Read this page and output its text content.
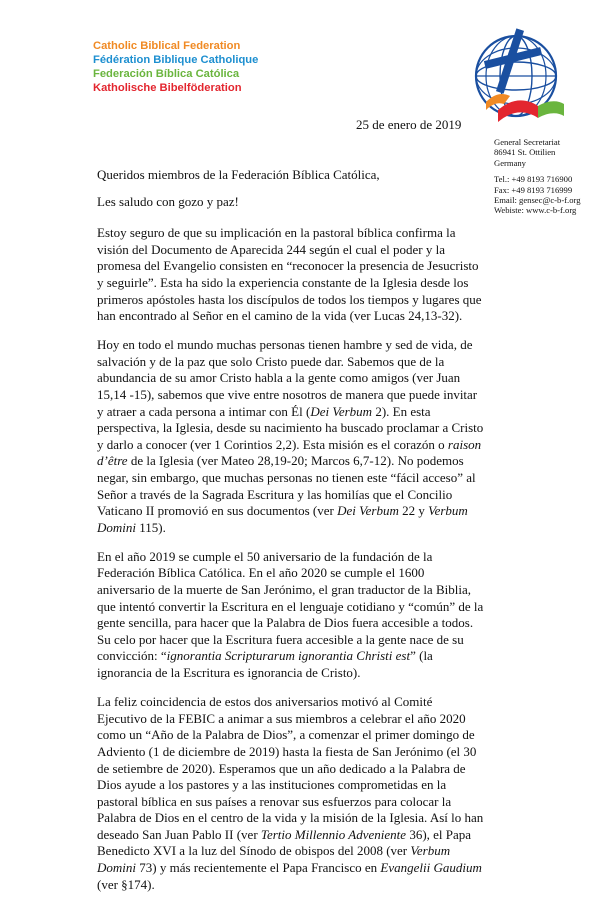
Catholic Biblical Federation
Fédération Biblique Catholique
Federación Bíblica Católica
Katholische Bibelföderation
25 de enero de 2019
General Secretariat
86941 St. Ottilien
Germany
Tel.: +49 8193 716900
Fax: +49 8193 716999
Email: gensec@c-b-f.org
Webiste: www.c-b-f.org

Queridos miembros de la Federación Bíblica Católica,

Les saludo con gozo y paz!

Estoy seguro de que su implicación en la pastoral bíblica confirma la visión del Documento de Aparecida 244 según el cual el poder y la promesa del Evangelio consisten en “reconocer la presencia de Jesucristo y seguirle”. Esta ha sido la experiencia constante de la Iglesia desde los primeros apóstoles hasta los discípulos de todos los tiempos y lugares que han encontrado al Señor en el camino de la vida (ver Lucas 24,13-32).

Hoy en todo el mundo muchas personas tienen hambre y sed de vida, de salvación y de la paz que solo Cristo puede dar. Sabemos que de la abundancia de su amor Cristo habla a la gente como amigos (ver Juan 15,14 -15), sabemos que vive entre nosotros de manera que puede invitar y atraer a cada persona a intimar con Él (Dei Verbum 2). En esta perspectiva, la Iglesia, desde su nacimiento ha buscado proclamar a Cristo y darlo a conocer (ver 1 Corintios 2,2). Esta misión es el corazón o raison d’être de la Iglesia (ver Mateo 28,19-20; Marcos 6,7-12). No podemos negar, sin embargo, que muchas personas no tienen este “fácil acceso” al Señor a través de la Sagrada Escritura y las homilías que el Concilio Vaticano II promovió en sus documentos (ver Dei Verbum 22 y Verbum Domini 115).

En el año 2019 se cumple el 50 aniversario de la fundación de la Federación Bíblica Católica. En el año 2020 se cumple el 1600 aniversario de la muerte de San Jerónimo, el gran traductor de la Biblia, que intentó convertir la Escritura en el lenguaje cotidiano y “común” de la gente sencilla, para hacer que la Palabra de Dios fuera accesible a todos. Su celo por hacer que la Escritura fuera accesible a la gente nace de su convicción: “ignorantia Scripturarum ignorantia Christi est” (la ignorancia de la Escritura es ignorancia de Cristo).

La feliz coincidencia de estos dos aniversarios motivó al Comité Ejecutivo de la FEBIC a animar a sus miembros a celebrar el año 2020 como un “Año de la Palabra de Dios”, a comenzar el primer domingo de Adviento (1 de diciembre de 2019) hasta la fiesta de San Jerónimo (el 30 de setiembre de 2020). Esperamos que un año dedicado a la Palabra de Dios ayude a los pastores y a las instituciones comprometidas en la pastoral bíblica en sus países a renovar sus esfuerzos para colocar la Palabra de Dios en el centro de la vida y la misión de la Iglesia. Así lo han deseado San Juan Pablo II (ver Tertio Millennio Adveniente 36), el Papa Benedicto XVI a la luz del Sínodo de obispos del 2008 (ver Verbum Domini 73) y más recientemente el Papa Francisco en Evangelii Gaudium (ver §174).
